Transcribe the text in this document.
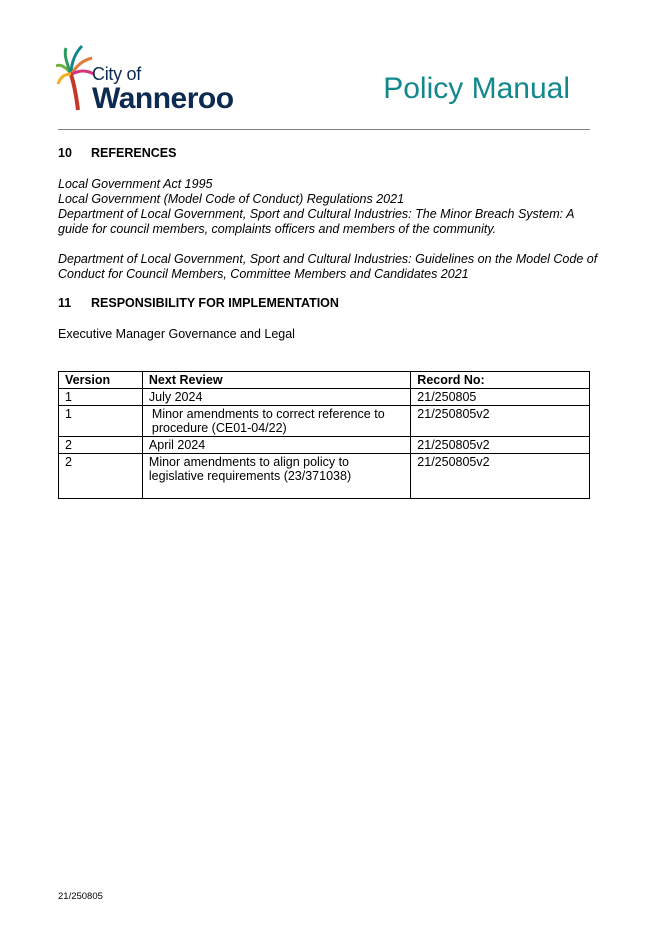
City of
Wanneroo	Policy Manual
10 REFERENCES

Local Government Act 1995

Local Government (Model Code of Conduct) Regulations 2021

Department of Local Government, Sport and Cultural Industries: The Minor Breach System: A guide for council members, complaints officers and members of the community.

Department of Local Government, Sport and Cultural Industries: Guidelines on the Model Code of Conduct for Council Members, Committee Members and Candidates 2021

11 RESPONSIBILITY FOR IMPLEMENTATION
Executive Manager Governance and Legal
Version	Next Review	Record No:
1	July 2024	21/250805
1	Minor amendments to correct reference to procedure (CE01-04/22)	21/250805v2
2	April 2024	21/250805v2
2	Minor amendments to align policy to legislative requirements (23/371038)	21/250805v2
21/250805
